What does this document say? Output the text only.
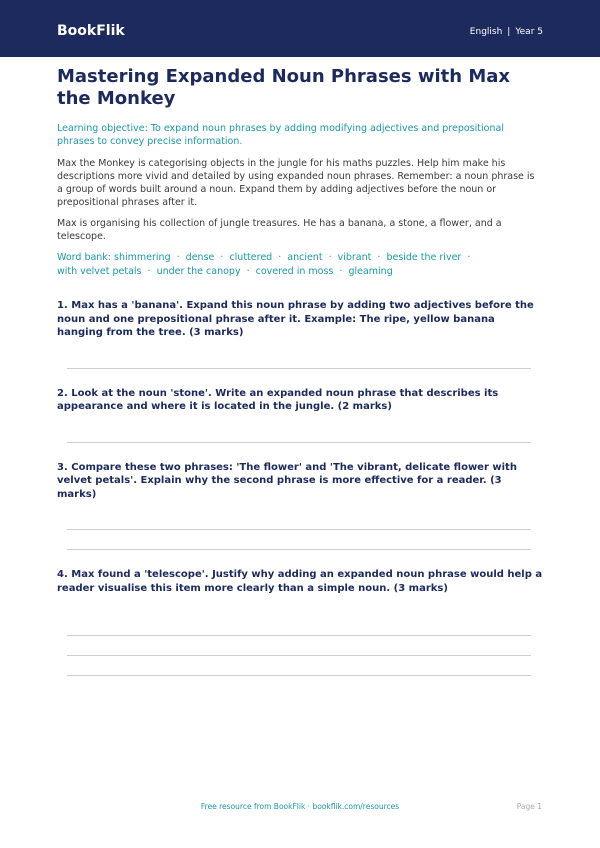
BookFlik	English | Year 5
Mastering Expanded Noun Phrases with Max the Monkey

Learning objective: To expand noun phrases by adding modifying adjectives and prepositional phrases to convey precise information.

Max the Monkey is categorising objects in the jungle for his maths puzzles. Help him make his descriptions more vivid and detailed by using expanded noun phrases. Remember: a noun phrase is a group of words built around a noun. Expand them by adding adjectives before the noun or prepositional phrases after it.

Max is organising his collection of jungle treasures. He has a banana, a stone, a flower, and a telescope.

Word bank: shimmering · dense · cluttered · ancient · vibrant · beside the river · with velvet petals · under the canopy · covered in moss · gleaming

1. Max has a 'banana'. Expand this noun phrase by adding two adjectives before the noun and one prepositional phrase after it. Example: The ripe, yellow banana hanging from the tree. (3 marks)

2. Look at the noun 'stone'. Write an expanded noun phrase that describes its appearance and where it is located in the jungle. (2 marks)

3. Compare these two phrases: 'The flower' and 'The vibrant, delicate flower with velvet petals'. Explain why the second phrase is more effective for a reader. (3 marks)

4. Max found a 'telescope'. Justify why adding an expanded noun phrase would help a reader visualise this item more clearly than a simple noun. (3 marks)

Free resource from BookFlik · bookflik.com/resources	Page 1
